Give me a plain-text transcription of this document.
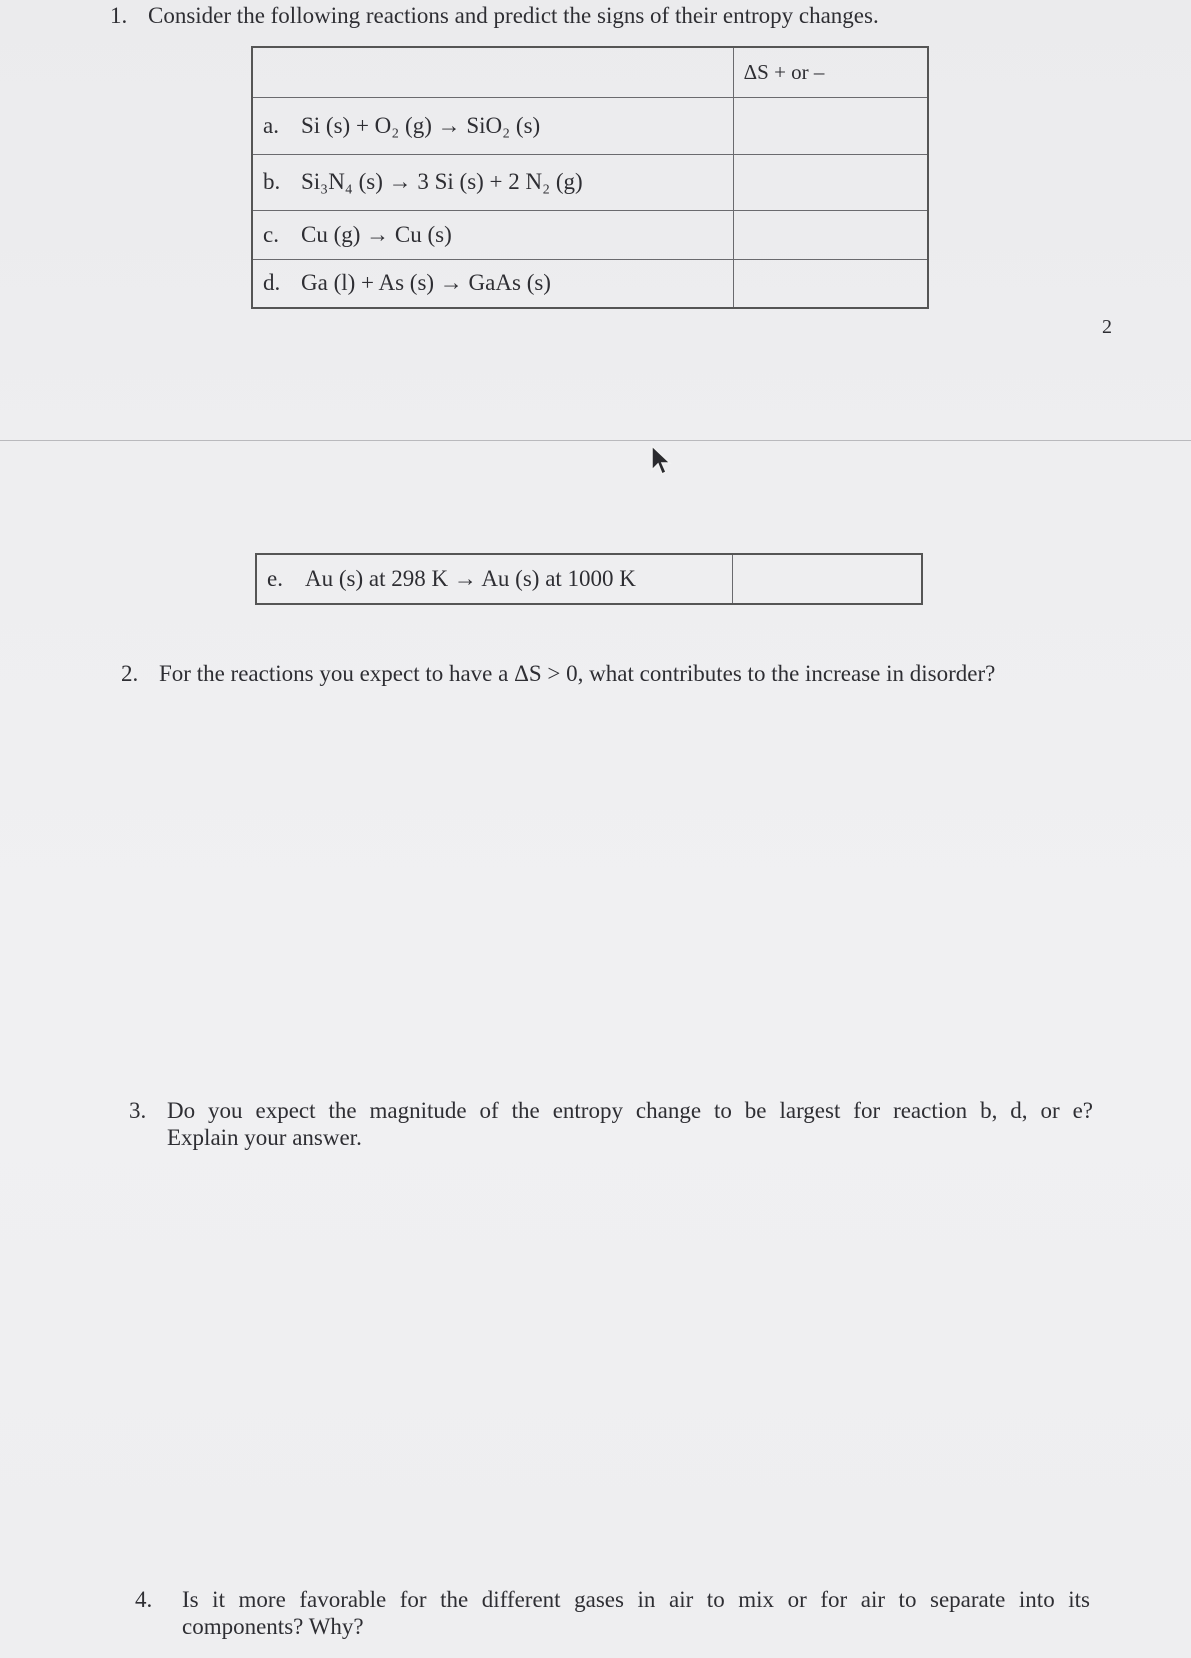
1. Consider the following reactions and predict the signs of their entropy changes.
	ΔS + or –
a. Si (s) + O₂ (g) → SiO₂ (s)	
b. Si₃N₄ (s) → 3 Si (s) + 2 N₂ (g)	
c. Cu (g) → Cu (s)	
d. Ga (l) + As (s) → GaAs (s)	
2
e. Au (s) at 298 K → Au (s) at 1000 K	
2. For the reactions you expect to have a ΔS > 0, what contributes to the increase in disorder?
3. Do you expect the magnitude of the entropy change to be largest for reaction b, d, or e?
Explain your answer.
4. Is it more favorable for the different gases in air to mix or for air to separate into its
components? Why?
